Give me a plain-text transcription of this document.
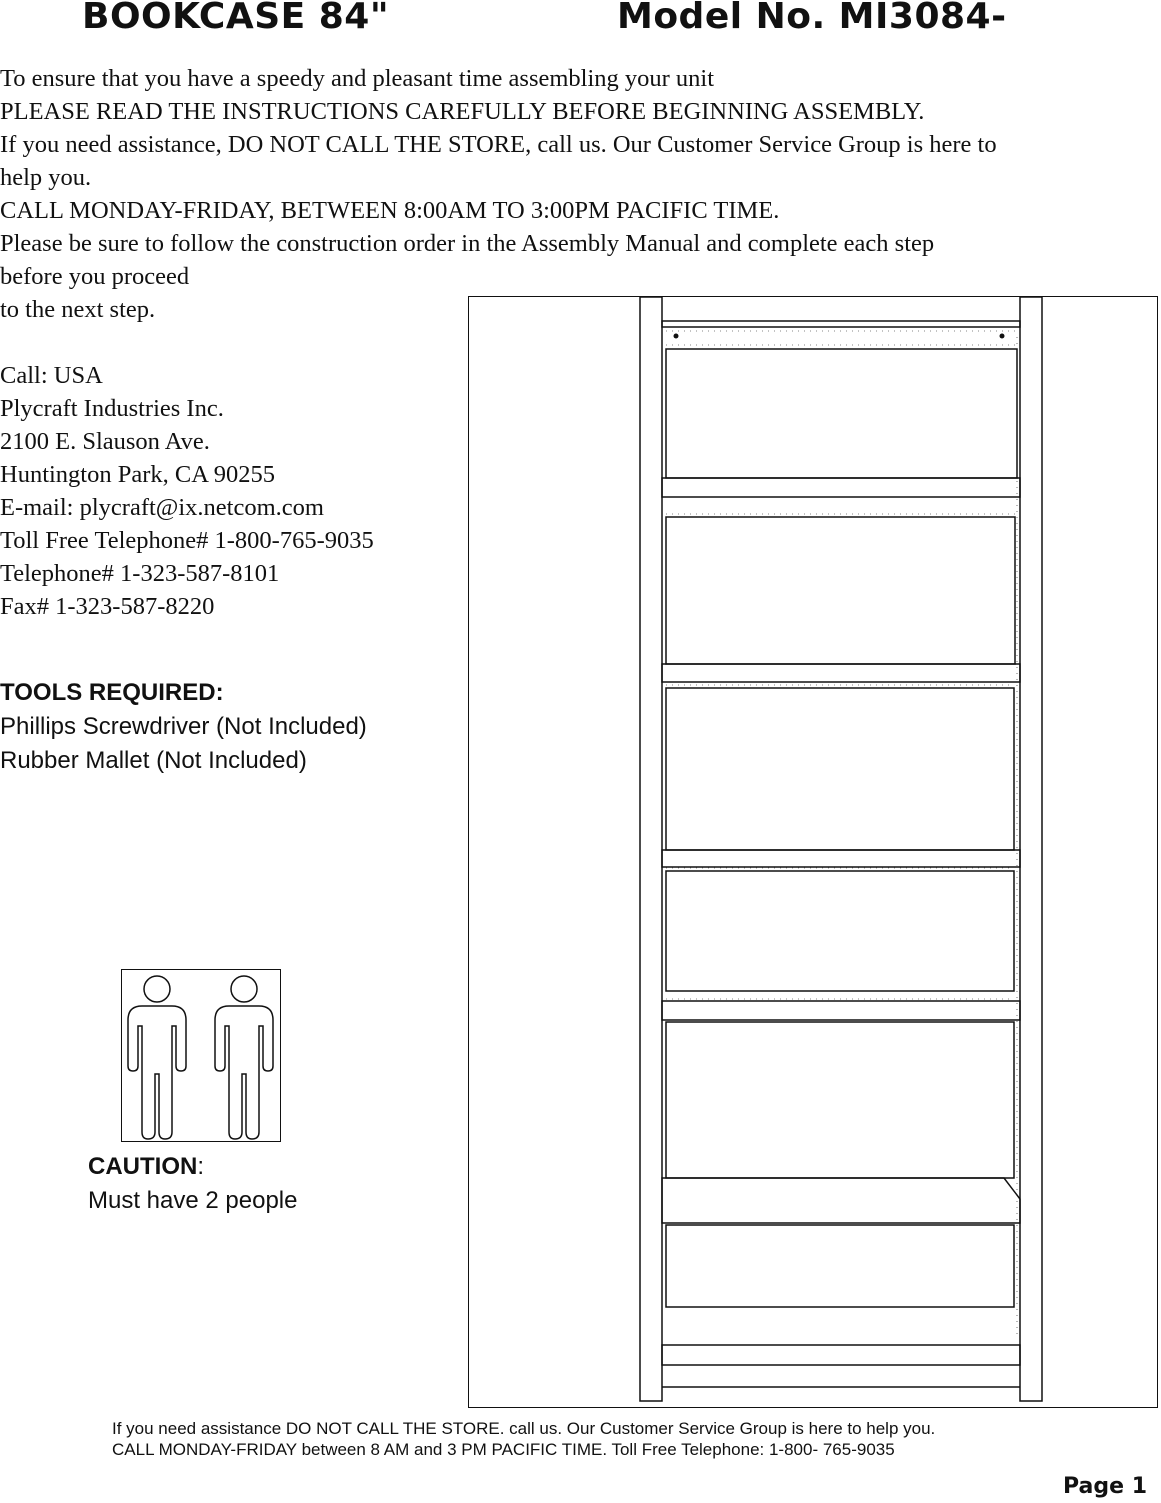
BOOKCASE 84"	Model No. MI3084-
To ensure that you have a speedy and pleasant time assembling your unit
PLEASE READ THE INSTRUCTIONS CAREFULLY BEFORE BEGINNING ASSEMBLY.
If you need assistance, DO NOT CALL THE STORE, call us. Our Customer Service Group is here to
help you.
CALL MONDAY-FRIDAY, BETWEEN 8:00AM TO 3:00PM PACIFIC TIME.
Please be sure to follow the construction order in the Assembly Manual and complete each step
before you proceed
to the next step.
Call: USA
Plycraft Industries Inc.
2100 E. Slauson Ave.
Huntington Park, CA 90255
E-mail: plycraft@ix.netcom.com
Toll Free Telephone# 1-800-765-9035
Telephone# 1-323-587-8101
Fax# 1-323-587-8220
TOOLS REQUIRED:
Phillips Screwdriver (Not Included)
Rubber Mallet (Not Included)
CAUTION:
Must have 2 people
If you need assistance DO NOT CALL THE STORE. call us. Our Customer Service Group is here to help you.
CALL MONDAY-FRIDAY between 8 AM and 3 PM PACIFIC TIME. Toll Free Telephone: 1-800- 765-9035
Page 1
